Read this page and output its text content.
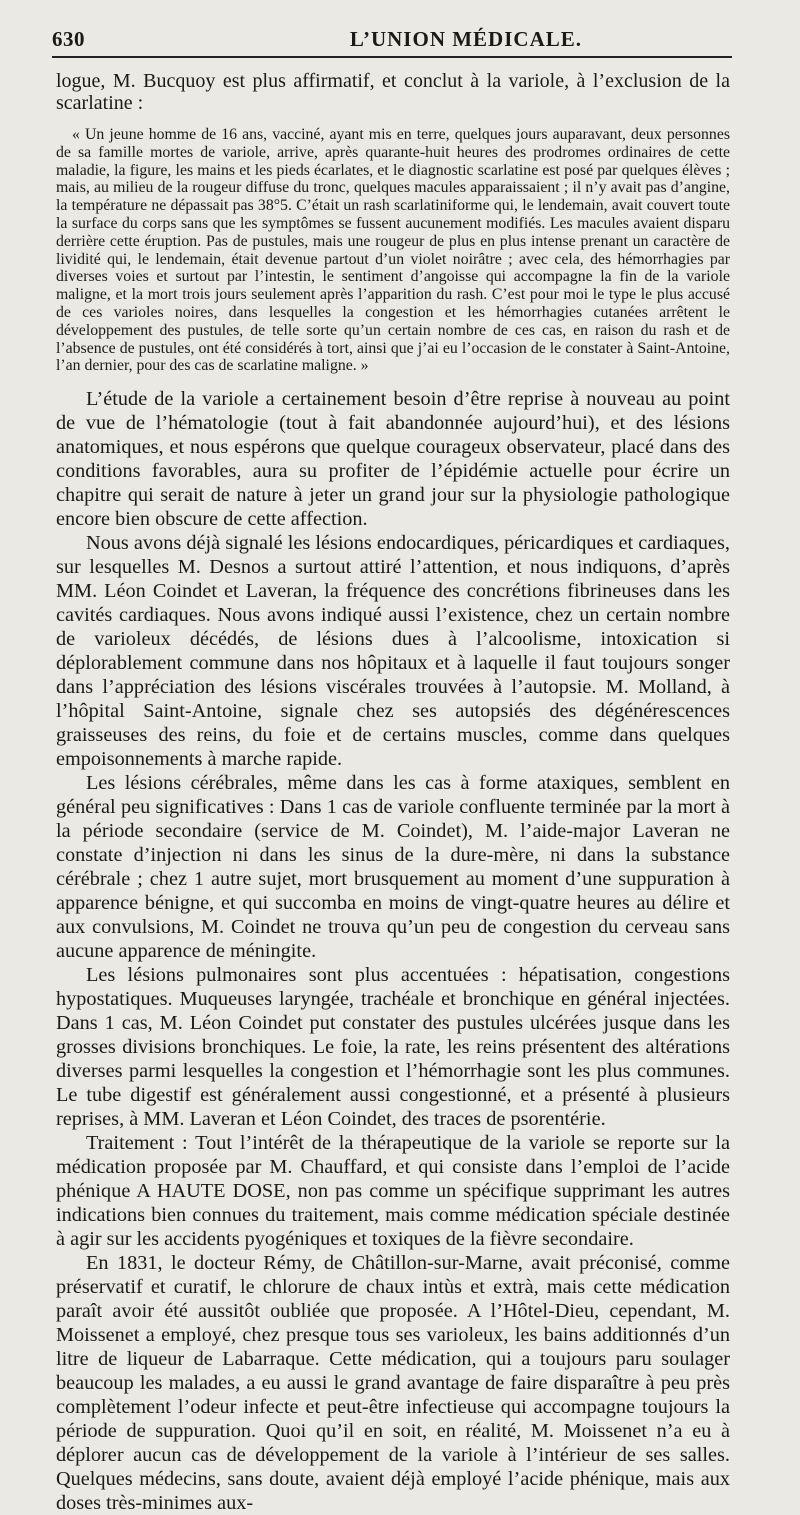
630	L’UNION MÉDICALE.

logue, M. Bucquoy est plus affirmatif, et conclut à la variole, à l’exclusion de la scarlatine :

« Un jeune homme de 16 ans, vacciné, ayant mis en terre, quelques jours auparavant, deux personnes de sa famille mortes de variole, arrive, après quarante-huit heures des prodromes ordinaires de cette maladie, la figure, les mains et les pieds écarlates, et le diagnostic scarlatine est posé par quelques élèves ; mais, au milieu de la rougeur diffuse du tronc, quelques macules apparaissaient ; il n’y avait pas d’angine, la température ne dépassait pas 38°5. C’était un rash scarlatiniforme qui, le lendemain, avait couvert toute la surface du corps sans que les symptômes se fussent aucunement modifiés. Les macules avaient disparu derrière cette éruption. Pas de pustules, mais une rougeur de plus en plus intense prenant un caractère de lividité qui, le lendemain, était devenue partout d’un violet noirâtre ; avec cela, des hémorrhagies par diverses voies et surtout par l’intestin, le sentiment d’angoisse qui accompagne la fin de la variole maligne, et la mort trois jours seulement après l’apparition du rash. C’est pour moi le type le plus accusé de ces varioles noires, dans lesquelles la congestion et les hémorrhagies cutanées arrêtent le développement des pustules, de telle sorte qu’un certain nombre de ces cas, en raison du rash et de l’absence de pustules, ont été considérés à tort, ainsi que j’ai eu l’occasion de le constater à Saint-Antoine, l’an dernier, pour des cas de scarlatine maligne. »

L’étude de la variole a certainement besoin d’être reprise à nouveau au point de vue de l’hématologie (tout à fait abandonnée aujourd’hui), et des lésions anatomiques, et nous espérons que quelque courageux observateur, placé dans des conditions favorables, aura su profiter de l’épidémie actuelle pour écrire un chapitre qui serait de nature à jeter un grand jour sur la physiologie pathologique encore bien obscure de cette affection.

Nous avons déjà signalé les lésions endocardiques, péricardiques et cardiaques, sur lesquelles M. Desnos a surtout attiré l’attention, et nous indiquons, d’après MM. Léon Coindet et Laveran, la fréquence des concrétions fibrineuses dans les cavités cardiaques. Nous avons indiqué aussi l’existence, chez un certain nombre de varioleux décédés, de lésions dues à l’alcoolisme, intoxication si déplorablement commune dans nos hôpitaux et à laquelle il faut toujours songer dans l’appréciation des lésions viscérales trouvées à l’autopsie. M. Molland, à l’hôpital Saint-Antoine, signale chez ses autopsiés des dégénérescences graisseuses des reins, du foie et de certains muscles, comme dans quelques empoisonnements à marche rapide.

Les lésions cérébrales, même dans les cas à forme ataxiques, semblent en général peu significatives : Dans 1 cas de variole confluente terminée par la mort à la période secondaire (service de M. Coindet), M. l’aide-major Laveran ne constate d’injection ni dans les sinus de la dure-mère, ni dans la substance cérébrale ; chez 1 autre sujet, mort brusquement au moment d’une suppuration à apparence bénigne, et qui succomba en moins de vingt-quatre heures au délire et aux convulsions, M. Coindet ne trouva qu’un peu de congestion du cerveau sans aucune apparence de méningite.

Les lésions pulmonaires sont plus accentuées : hépatisation, congestions hypostatiques. Muqueuses laryngée, trachéale et bronchique en général injectées. Dans 1 cas, M. Léon Coindet put constater des pustules ulcérées jusque dans les grosses divisions bronchiques. Le foie, la rate, les reins présentent des altérations diverses parmi lesquelles la congestion et l’hémorrhagie sont les plus communes. Le tube digestif est généralement aussi congestionné, et a présenté à plusieurs reprises, à MM. Laveran et Léon Coindet, des traces de psorentérie.

Traitement : Tout l’intérêt de la thérapeutique de la variole se reporte sur la médication proposée par M. Chauffard, et qui consiste dans l’emploi de l’acide phénique A HAUTE DOSE, non pas comme un spécifique supprimant les autres indications bien connues du traitement, mais comme médication spéciale destinée à agir sur les accidents pyogéniques et toxiques de la fièvre secondaire.

En 1831, le docteur Rémy, de Châtillon-sur-Marne, avait préconisé, comme préservatif et curatif, le chlorure de chaux intùs et extrà, mais cette médication paraît avoir été aussitôt oubliée que proposée. A l’Hôtel-Dieu, cependant, M. Moissenet a employé, chez presque tous ses varioleux, les bains additionnés d’un litre de liqueur de Labarraque. Cette médication, qui a toujours paru soulager beaucoup les malades, a eu aussi le grand avantage de faire disparaître à peu près complètement l’odeur infecte et peut-être infectieuse qui accompagne toujours la période de suppuration. Quoi qu’il en soit, en réalité, M. Moissenet n’a eu à déplorer aucun cas de développement de la variole à l’intérieur de ses salles. Quelques médecins, sans doute, avaient déjà employé l’acide phénique, mais aux doses très-minimes aux-
